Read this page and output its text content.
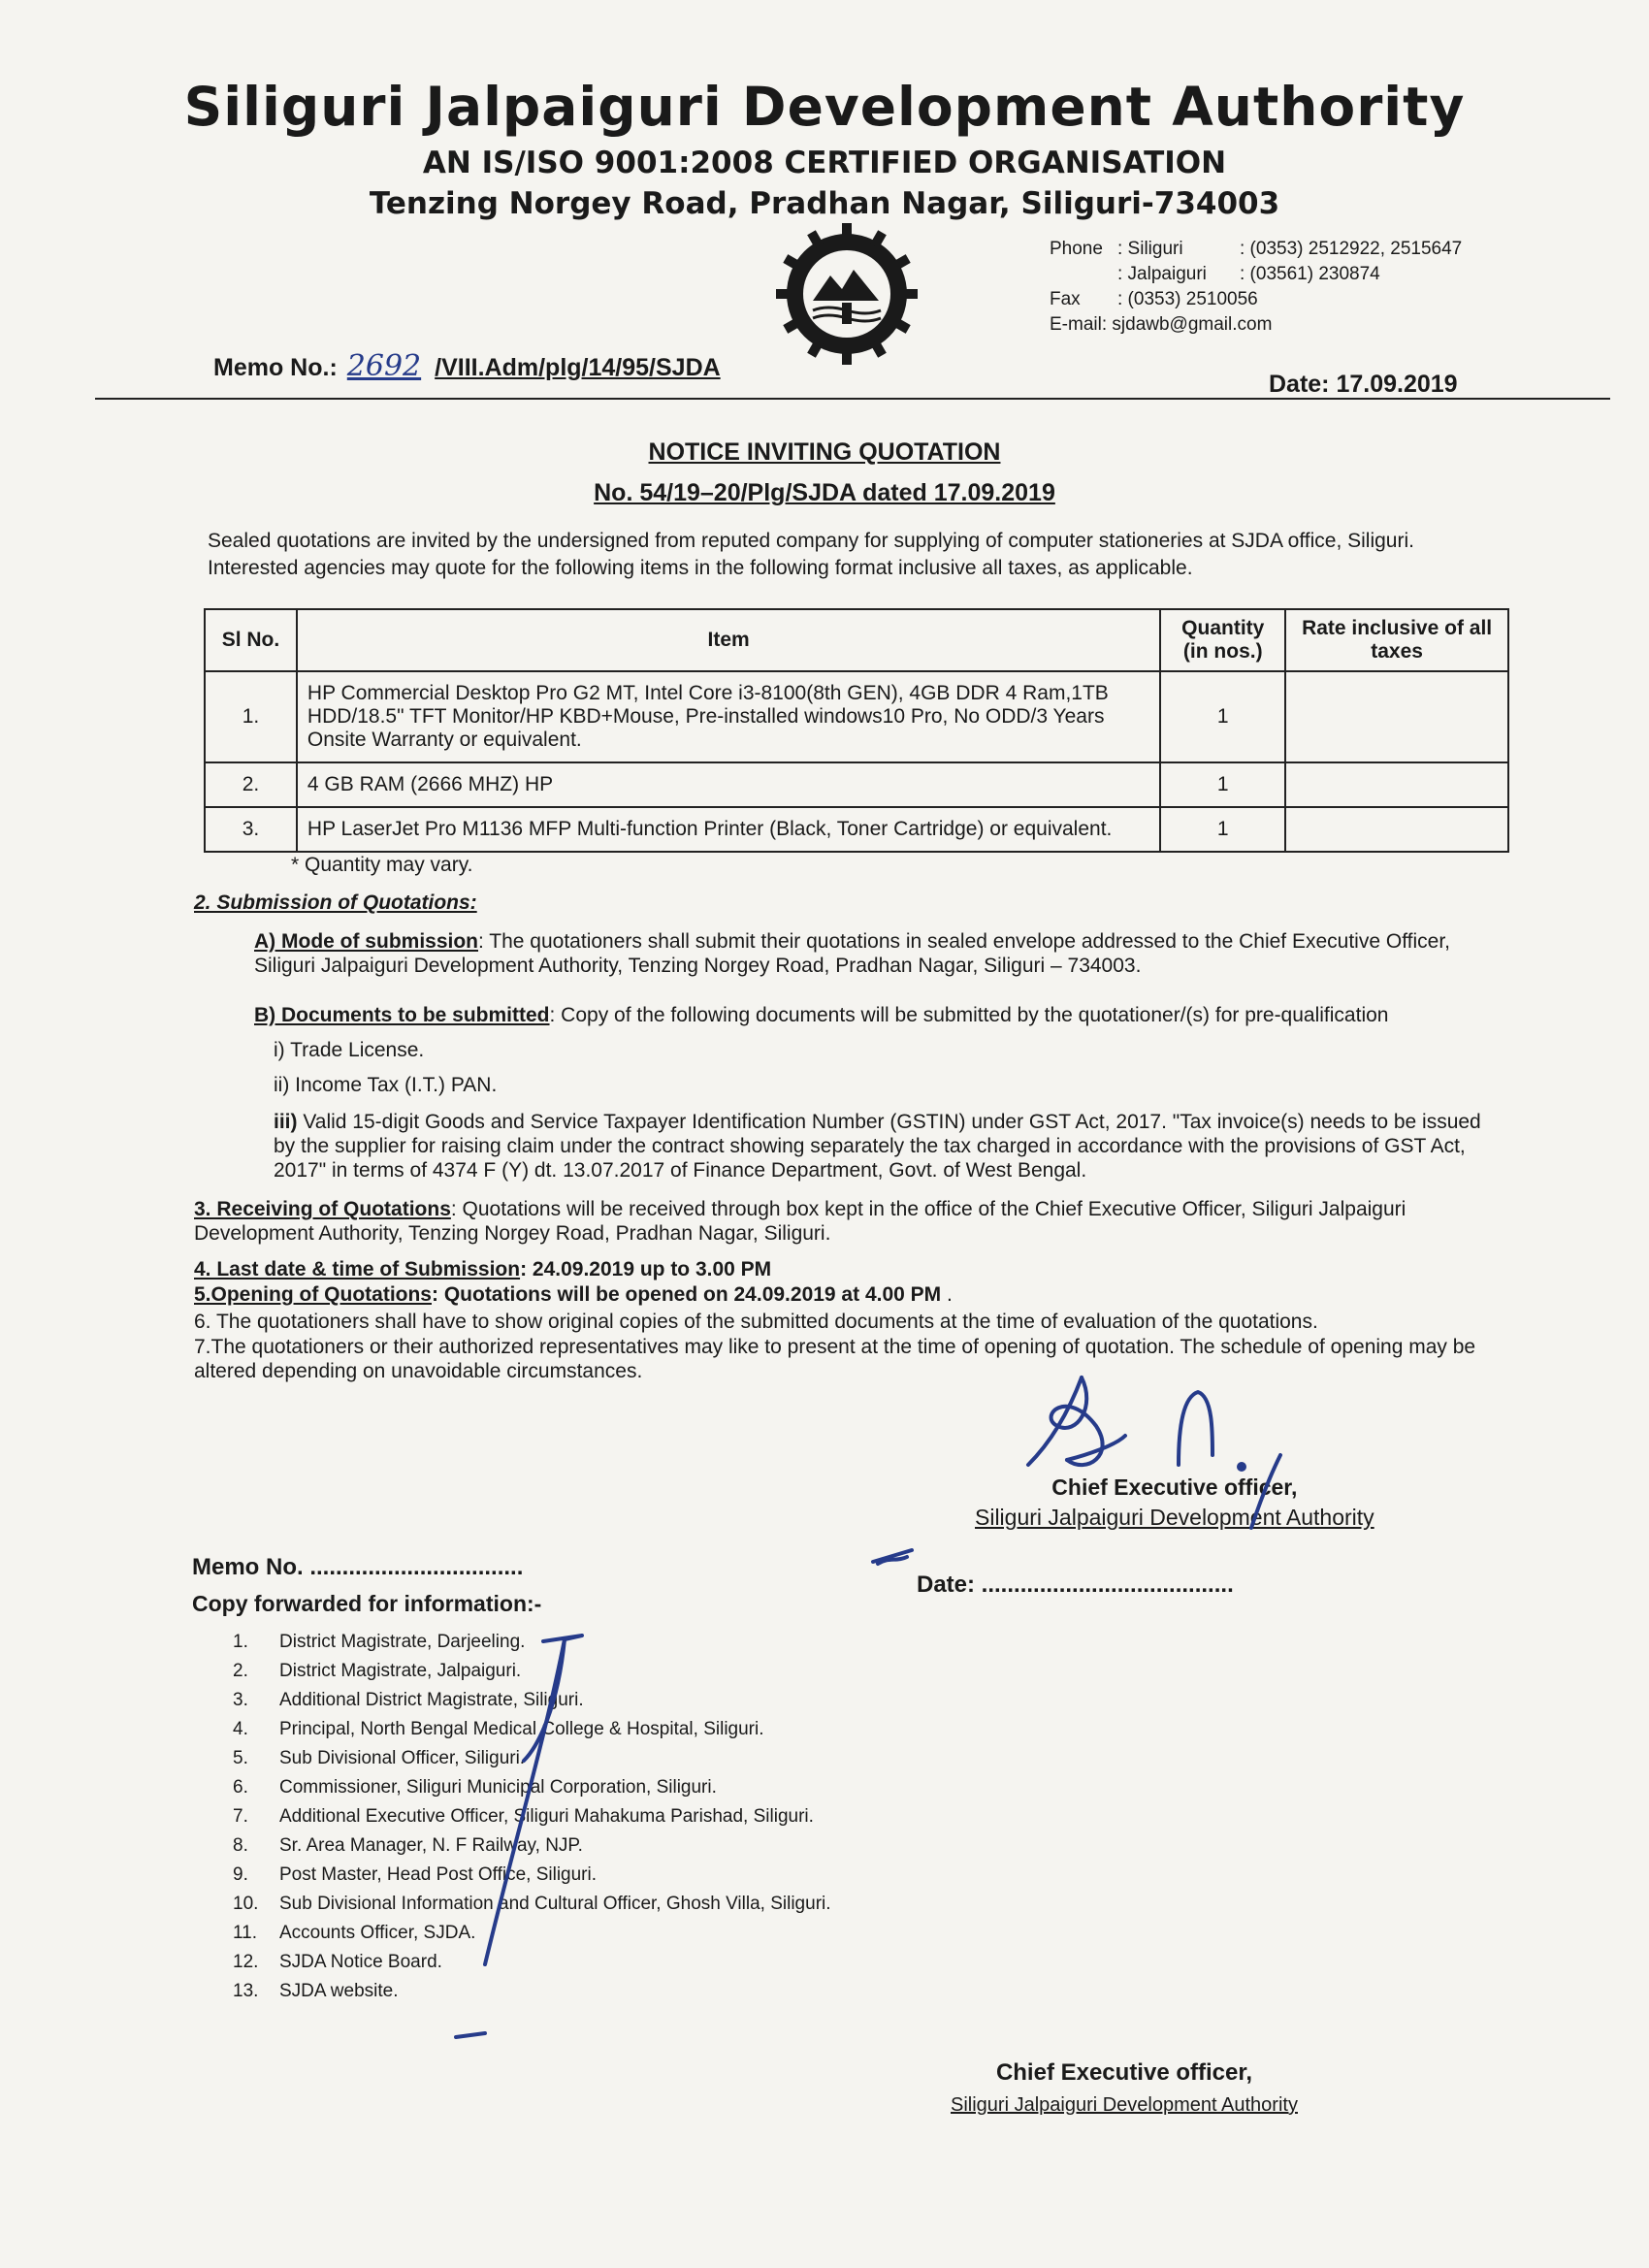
Siliguri Jalpaiguri Development Authority
AN IS/ISO 9001:2008 CERTIFIED ORGANISATION
Tenzing Norgey Road, Pradhan Nagar, Siliguri-734003
Phone : Siliguri	: (0353) 2512922, 2515647
: Jalpaiguri	: (03561) 230874
Fax	: (0353) 2510056
E-mail:
sjdawb@gmail.com
Memo No.: 2692 /VIII.Adm/plg/14/95/SJDA
Date: 17.09.2019
NOTICE INVITING QUOTATION
No. 54/19–20/Plg/SJDA dated 17.09.2019
Sealed quotations are invited by the undersigned from reputed company for supplying of computer stationeries at SJDA office, Siliguri. Interested agencies may quote for the following items in the following format inclusive all taxes, as applicable.
Sl No.	Item	Quantity (in nos.)	Rate inclusive of all taxes
1.	HP Commercial Desktop Pro G2 MT, Intel Core i3-8100(8th GEN), 4GB DDR 4 Ram,1TB HDD/18.5" TFT Monitor/HP KBD+Mouse, Pre-installed windows10 Pro, No ODD/3 Years Onsite Warranty or equivalent.	1	
2.	4 GB RAM (2666 MHZ) HP	1	
3.	HP LaserJet Pro M1136 MFP Multi-function Printer (Black, Toner Cartridge) or equivalent.	1	
* Quantity may vary.
2. Submission of Quotations:
A) Mode of submission: The quotationers shall submit their quotations in sealed envelope addressed to the Chief Executive Officer, Siliguri Jalpaiguri Development Authority, Tenzing Norgey Road, Pradhan Nagar, Siliguri – 734003.
B) Documents to be submitted: Copy of the following documents will be submitted by the quotationer/(s) for pre-qualification
i) Trade License.
ii) Income Tax (I.T.) PAN.
iii) Valid 15-digit Goods and Service Taxpayer Identification Number (GSTIN) under GST Act, 2017. "Tax invoice(s) needs to be issued by the supplier for raising claim under the contract showing separately the tax charged in accordance with the provisions of GST Act, 2017" in terms of 4374 F (Y) dt. 13.07.2017 of Finance Department, Govt. of West Bengal.
3. Receiving of Quotations: Quotations will be received through box kept in the office of the Chief Executive Officer, Siliguri Jalpaiguri Development Authority, Tenzing Norgey Road, Pradhan Nagar, Siliguri.
4. Last date & time of Submission: 24.09.2019 up to 3.00 PM
5.Opening of Quotations: Quotations will be opened on 24.09.2019 at 4.00 PM .
6. The quotationers shall have to show original copies of the submitted documents at the time of evaluation of the quotations.
7.The quotationers or their authorized representatives may like to present at the time of opening of quotation. The schedule of opening may be altered depending on unavoidable circumstances.
Chief Executive officer,
Siliguri Jalpaiguri Development Authority
Memo No. .................................
Date: .......................................
Copy forwarded for information:-
1.	District Magistrate, Darjeeling.
2.	District Magistrate, Jalpaiguri.
3.	Additional District Magistrate, Siliguri.
4.	Principal, North Bengal Medical College & Hospital, Siliguri.
5.	Sub Divisional Officer, Siliguri.
6.	Commissioner, Siliguri Municipal Corporation, Siliguri.
7.	Additional Executive Officer, Siliguri Mahakuma Parishad, Siliguri.
8.	Sr. Area Manager, N. F Railway, NJP.
9.	Post Master, Head Post Office, Siliguri.
10.	Sub Divisional Information and Cultural Officer, Ghosh Villa, Siliguri.
11.	Accounts Officer, SJDA.
12.	SJDA Notice Board.
13.	SJDA website.
Chief Executive officer,
Siliguri Jalpaiguri Development Authority
